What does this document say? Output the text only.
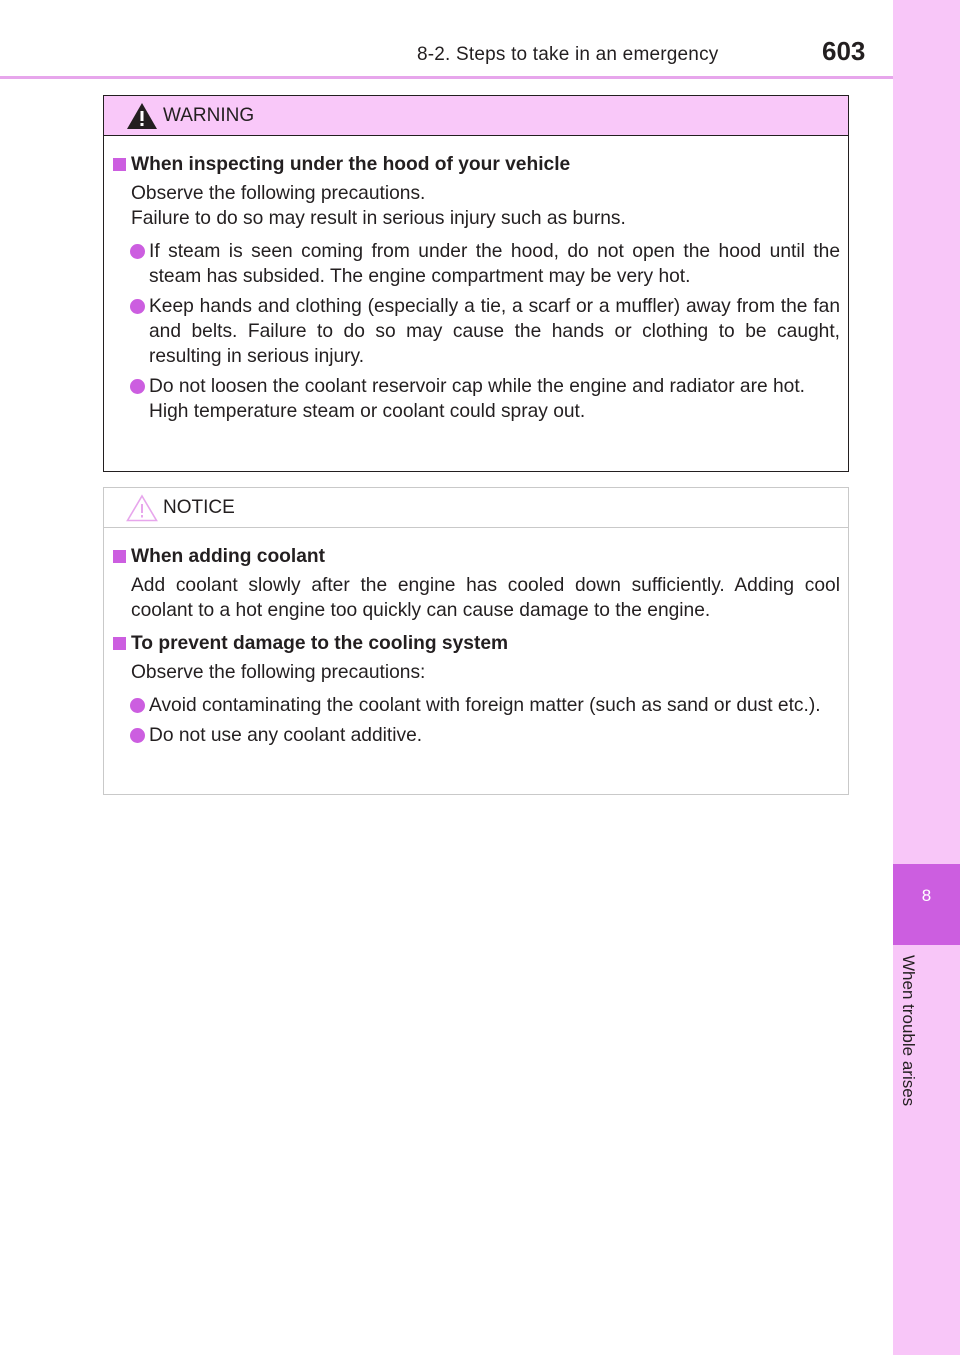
8-2. Steps to take in an emergency	603
8
When trouble arises
WARNING
When inspecting under the hood of your vehicle
Observe the following precautions.
Failure to do so may result in serious injury such as burns.
If steam is seen coming from under the hood, do not open the hood until the steam has subsided. The engine compartment may be very hot.
Keep hands and clothing (especially a tie, a scarf or a muffler) away from the fan and belts. Failure to do so may cause the hands or clothing to be caught, resulting in serious injury.
Do not loosen the coolant reservoir cap while the engine and radiator are hot.
High temperature steam or coolant could spray out.
NOTICE
When adding coolant
Add coolant slowly after the engine has cooled down sufficiently. Adding cool coolant to a hot engine too quickly can cause damage to the engine.
To prevent damage to the cooling system
Observe the following precautions:
Avoid contaminating the coolant with foreign matter (such as sand or dust etc.).
Do not use any coolant additive.
